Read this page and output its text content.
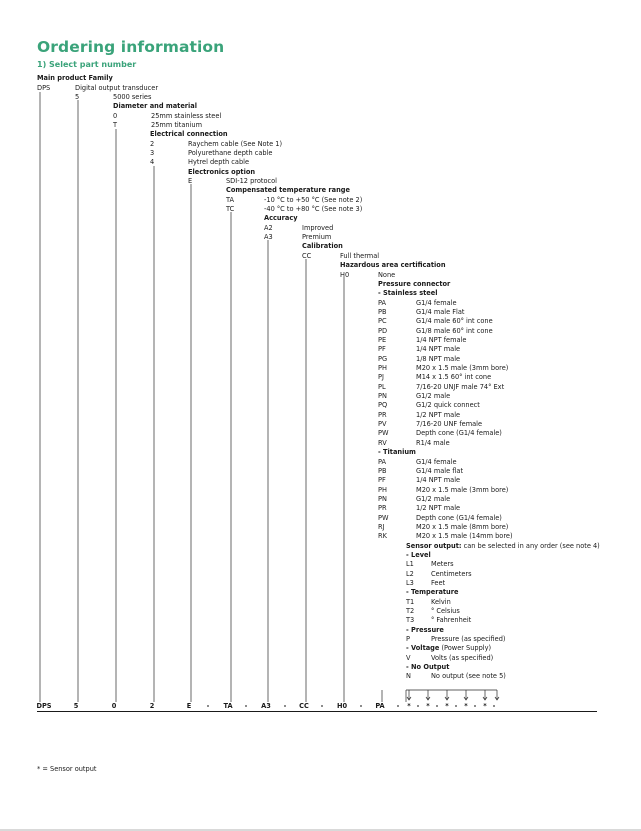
Ordering information
1) Select part number
Main product Family
DPS	Digital output transducer
5	5000 series
Diameter and material
0	25mm stainless steel
T	25mm titanium
Electrical connection
2	Raychem cable (See Note 1)
3	Polyurethane depth cable
4	Hytrel depth cable
Electronics option
E	SDI-12 protocol
Compensated temperature range
TA	-10 °C to +50 °C (See note 2)
TC	-40 °C to +80 °C (See note 3)
Accuracy
A2	Improved
A3	Premium
Calibration
CC	Full thermal
Hazardous area certification
H0	None
Pressure connector
- Stainless steel
PA	G1/4 female
PB	G1/4 male Flat
PC	G1/4 male 60° int cone
PD	G1/8 male 60° int cone
PE	1/4 NPT female
PF	1/4 NPT male
PG	1/8 NPT male
PH	M20 x 1.5 male (3mm bore)
PJ	M14 x 1.5 60° int cone
PL	7/16-20 UNJF male 74° Ext
PN	G1/2 male
PQ	G1/2 quick connect
PR	1/2 NPT male
PV	7/16-20 UNF female
PW	Depth cone (G1/4 female)
RV	R1/4 male
- Titanium
PA	G1/4 female
PB	G1/4 male flat
PF	1/4 NPT male
PH	M20 x 1.5 male (3mm bore)
PN	G1/2 male
PR	1/2 NPT male
PW	Depth cone (G1/4 female)
RJ	M20 x 1.5 male (8mm bore)
RK	M20 x 1.5 male (14mm bore)
Sensor output: can be selected in any order (see note 4)
- Level
L1	Meters
L2	Centimeters
L3	Feet
- Temperature
T1	Kelvin
T2	° Celsius
T3	° Fahrenheit
- Pressure
P	Pressure (as specified)
- Voltage (Power Supply)
V	Volts (as specified)
- No Output
N	No output (see note 5)
DPS	5	0	2	E - TA - A3 - CC - H0 - PA - * - * - * - * - * -
* = Sensor output
